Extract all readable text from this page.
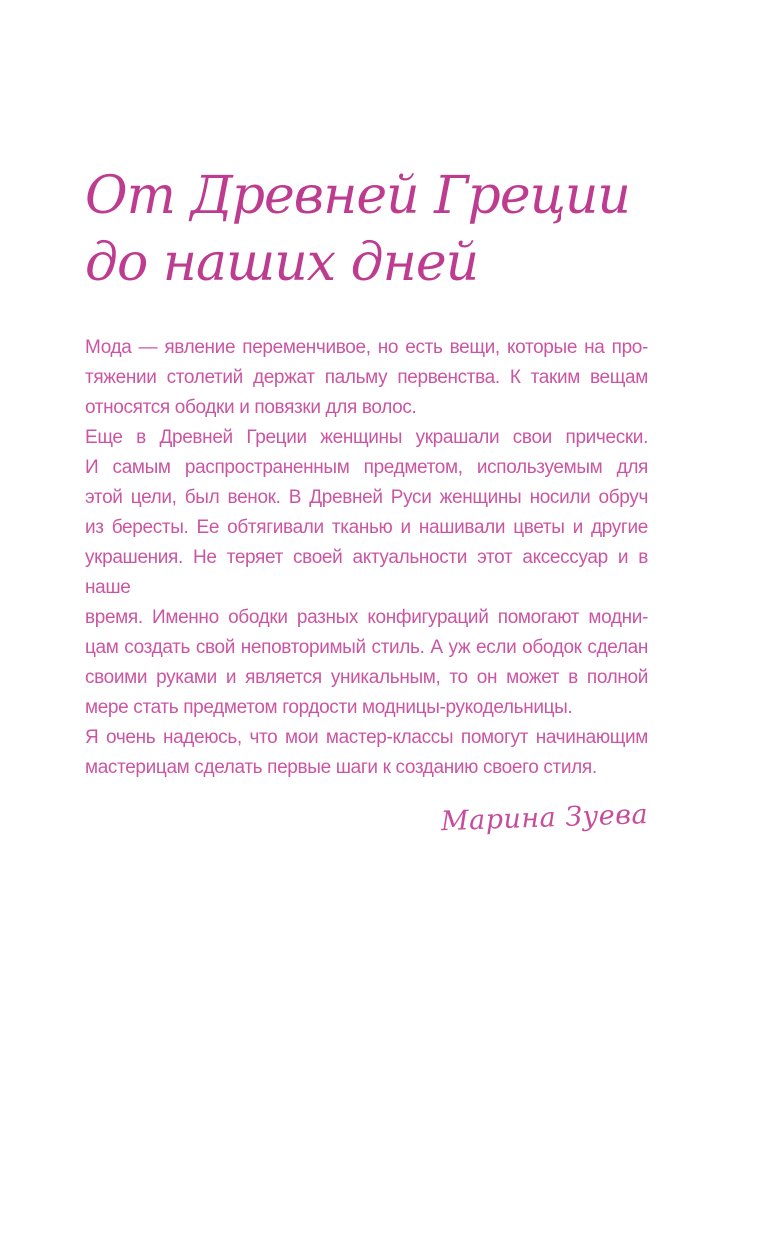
От Древней Греции
до наших дней

Мода — явление переменчивое, но есть вещи, которые на про-
тяжении столетий держат пальму первенства. К таким вещам
относятся ободки и повязки для волос.

Еще в Древней Греции женщины украшали свои прически.
И самым распространенным предметом, используемым для
этой цели, был венок. В Древней Руси женщины носили обруч
из бересты. Ее обтягивали тканью и нашивали цветы и другие
украшения. Не теряет своей актуальности этот аксессуар и в наше
время. Именно ободки разных конфигураций помогают модни-
цам создать свой неповторимый стиль. А уж если ободок сделан
своими руками и является уникальным, то он может в полной
мере стать предметом гордости модницы-рукодельницы.

Я очень надеюсь, что мои мастер-классы помогут начинающим
мастерицам сделать первые шаги к созданию своего стиля.

Марина Зуева
